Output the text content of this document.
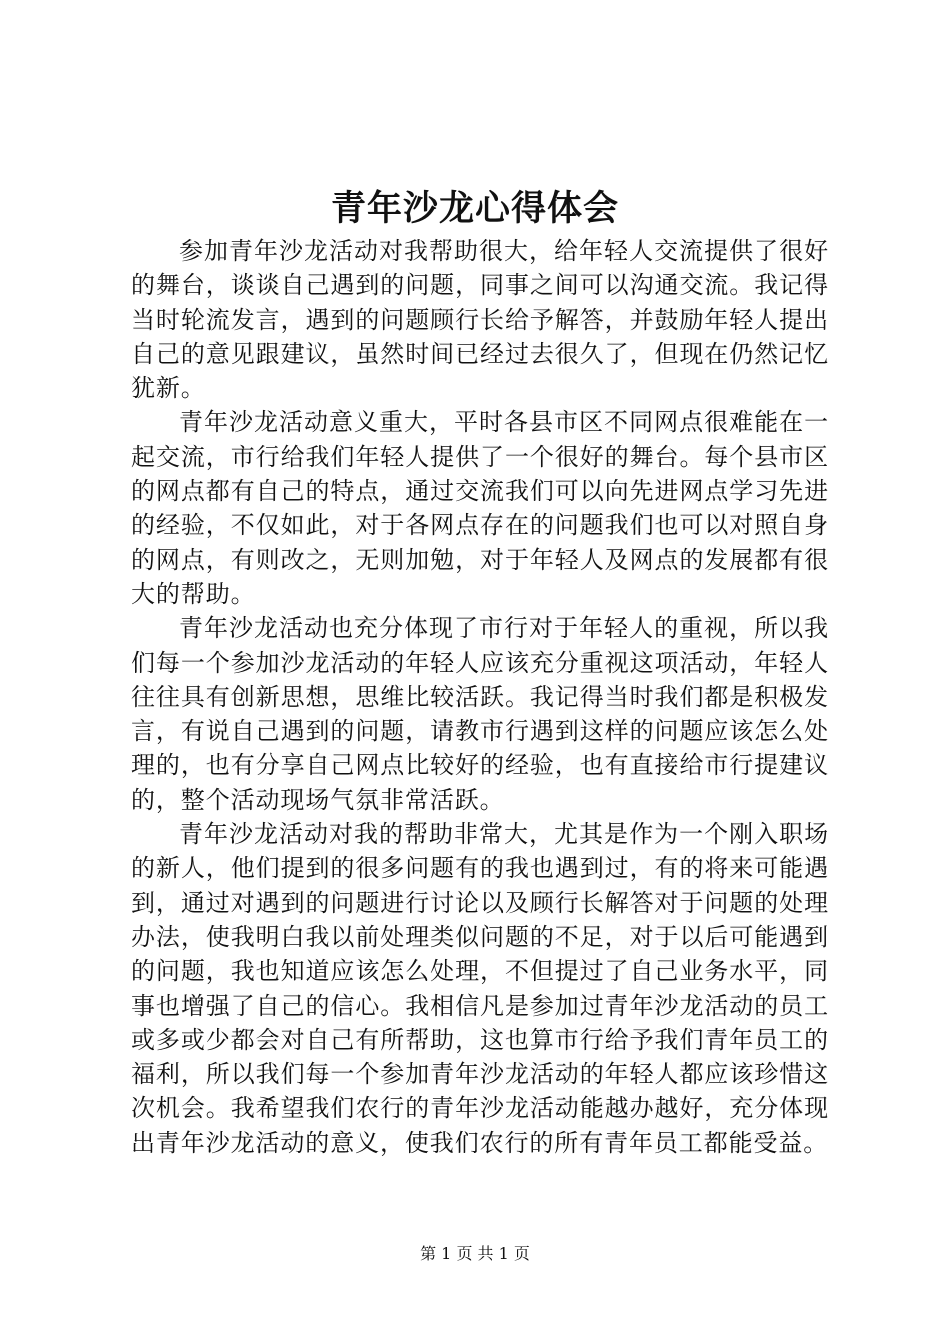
青年沙龙心得体会

参加青年沙龙活动对我帮助很大，给年轻人交流提供了很好的舞台，谈谈自己遇到的问题，同事之间可以沟通交流。我记得当时轮流发言，遇到的问题顾行长给予解答，并鼓励年轻人提出自己的意见跟建议，虽然时间已经过去很久了，但现在仍然记忆犹新。

青年沙龙活动意义重大，平时各县市区不同网点很难能在一起交流，市行给我们年轻人提供了一个很好的舞台。每个县市区的网点都有自己的特点，通过交流我们可以向先进网点学习先进的经验，不仅如此，对于各网点存在的问题我们也可以对照自身的网点，有则改之，无则加勉，对于年轻人及网点的发展都有很大的帮助。

青年沙龙活动也充分体现了市行对于年轻人的重视，所以我们每一个参加沙龙活动的年轻人应该充分重视这项活动，年轻人往往具有创新思想，思维比较活跃。我记得当时我们都是积极发言，有说自己遇到的问题，请教市行遇到这样的问题应该怎么处理的，也有分享自己网点比较好的经验，也有直接给市行提建议的，整个活动现场气氛非常活跃。

青年沙龙活动对我的帮助非常大，尤其是作为一个刚入职场的新人，他们提到的很多问题有的我也遇到过，有的将来可能遇到，通过对遇到的问题进行讨论以及顾行长解答对于问题的处理办法，使我明白我以前处理类似问题的不足，对于以后可能遇到的问题，我也知道应该怎么处理，不但提过了自己业务水平，同事也增强了自己的信心。我相信凡是参加过青年沙龙活动的员工或多或少都会对自己有所帮助，这也算市行给予我们青年员工的福利，所以我们每一个参加青年沙龙活动的年轻人都应该珍惜这次机会。我希望我们农行的青年沙龙活动能越办越好，充分体现出青年沙龙活动的意义，使我们农行的所有青年员工都能受益。

第 1 页 共 1 页
